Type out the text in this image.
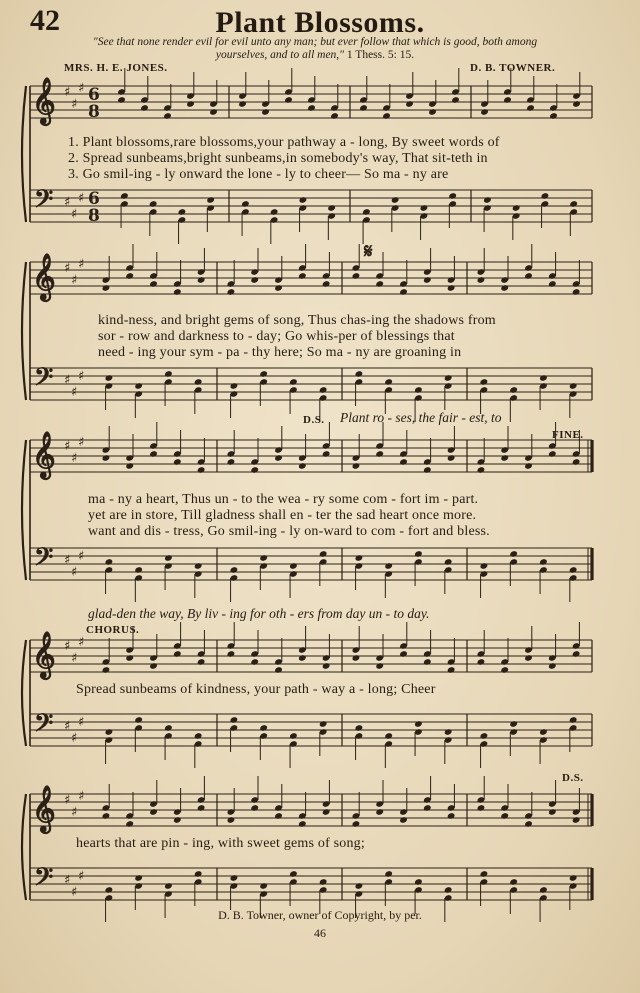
𝄞
𝄢
♯
♯
♯
♯
♯
♯
6
8
6
8
𝄞
𝄢
♯
♯
♯
♯
♯
♯
𝄞
𝄢
♯
♯
♯
♯
♯
♯
𝄞
𝄢
♯
♯
♯
♯
♯
♯
𝄞
𝄢
♯
♯
♯
♯
♯
♯
𝄋
42	Plant Blossoms.
"See that none render evil for evil unto any man; but ever follow that which is good, both among yourselves, and to all men," 1 Thess. 5: 15.
MRS. H. E. JONES.	D. B. TOWNER.
1. Plant blossoms,rare blossoms,your pathway a - long, By sweet words of
2. Spread sunbeams,bright sunbeams,in somebody's way, That sit-teth in
3. Go smil-ing - ly onward the lone - ly to cheer— So ma - ny are
kind-ness, and bright gems of song, Thus chas-ing the shadows from
sor - row and darkness to - day; Go whis-per of blessings that
need - ing your sym - pa - thy here; So ma - ny are groaning in
D.S. Plant ro - ses, the fair - est, to
FINE.
ma - ny a heart, Thus un - to the wea - ry some com - fort im - part.
yet are in store, Till gladness shall en - ter the sad heart once more.
want and dis - tress, Go smil-ing - ly on-ward to com - fort and bless.
glad-den the way, By liv - ing for oth - ers from day un - to day.
CHORUS.
Spread sunbeams of kindness, your path - way a - long; Cheer
D.S.
hearts that are pin - ing, with sweet gems of song;
D. B. Towner, owner of Copyright, by per.
46
